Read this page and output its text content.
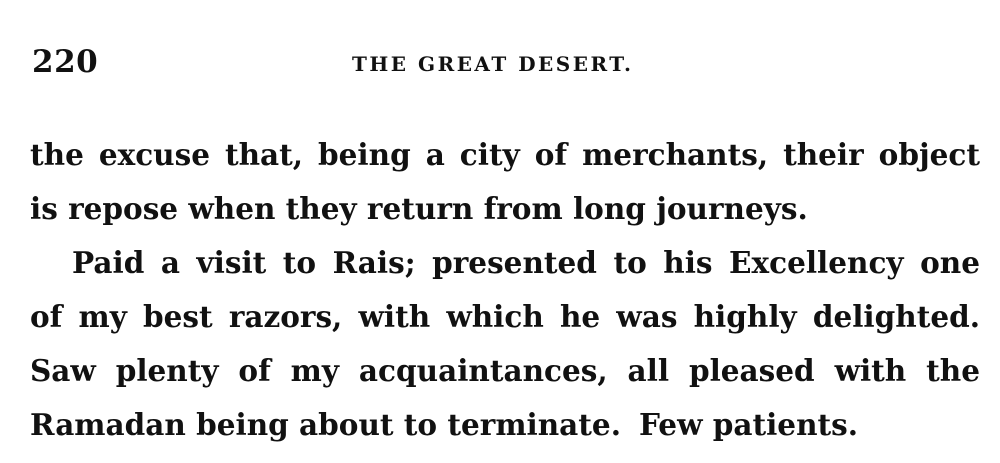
220	THE GREAT DESERT.
the excuse that, being a city of merchants, their object
is repose when they return from long journeys.
Paid a visit to Rais; presented to his Excellency one
of my best razors, with which he was highly delighted.
Saw plenty of my acquaintances, all pleased with the
Ramadan being about to terminate. Few patients.
